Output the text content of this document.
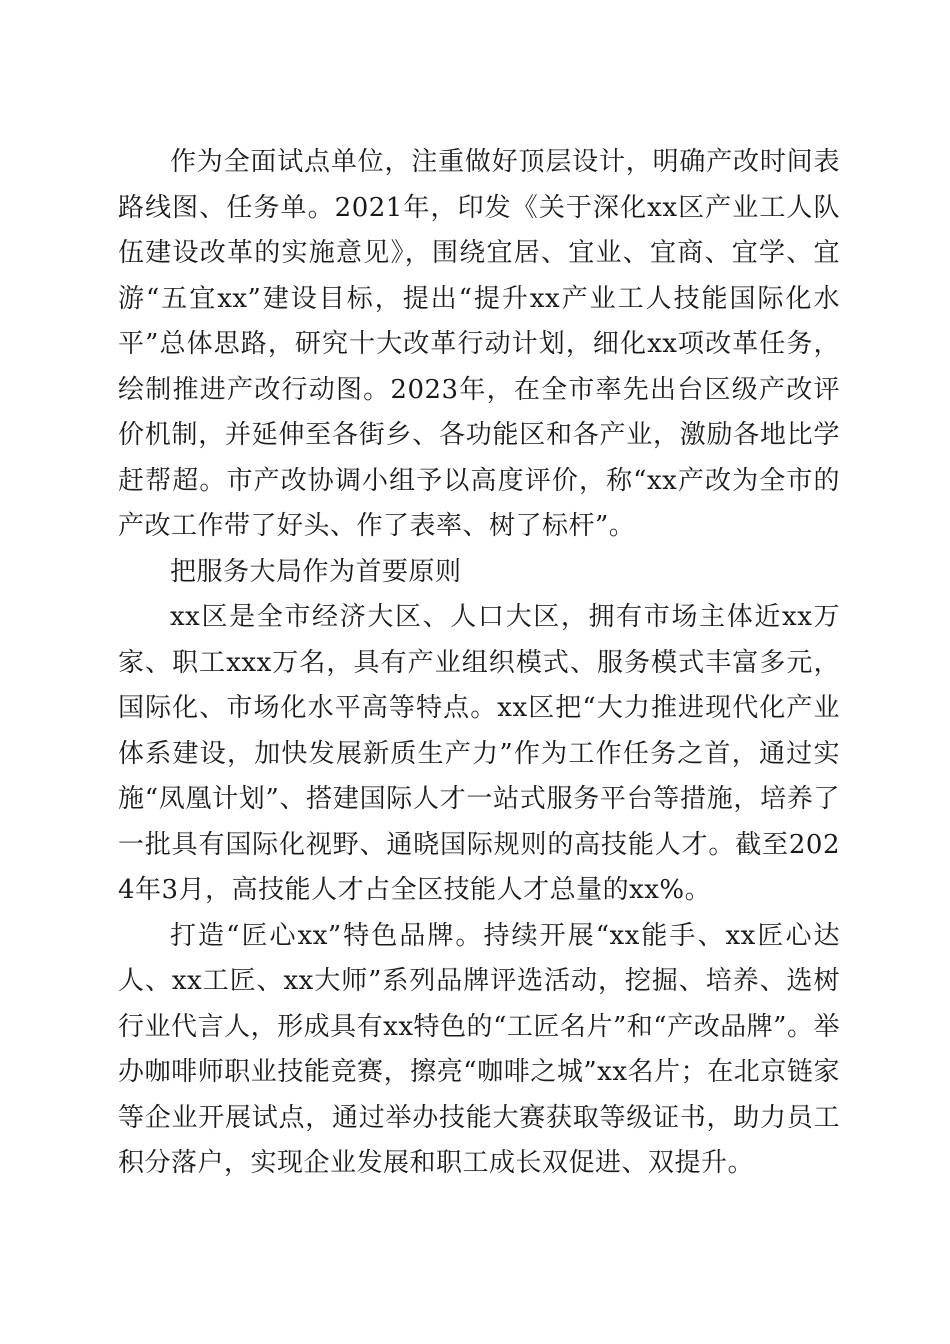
作为全面试点单位，注重做好顶层设计，明确产改时间表路线图、任务单。2021年，印发《关于深化xx区产业工人队伍建设改革的实施意见》，围绕宜居、宜业、宜商、宜学、宜游“五宜xx”建设目标，提出“提升xx产业工人技能国际化水平”总体思路，研究十大改革行动计划，细化xx项改革任务，绘制推进产改行动图。2023年，在全市率先出台区级产改评价机制，并延伸至各街乡、各功能区和各产业，激励各地比学赶帮超。市产改协调小组予以高度评价，称“xx产改为全市的产改工作带了好头、作了表率、树了标杆”。

把服务大局作为首要原则

xx区是全市经济大区、人口大区，拥有市场主体近xx万家、职工xxx万名，具有产业组织模式、服务模式丰富多元，国际化、市场化水平高等特点。xx区把“大力推进现代化产业体系建设，加快发展新质生产力”作为工作任务之首，通过实施“凤凰计划”、搭建国际人才一站式服务平台等措施，培养了一批具有国际化视野、通晓国际规则的高技能人才。截至2024年3月，高技能人才占全区技能人才总量的xx%。

打造“匠心xx”特色品牌。持续开展“xx能手、xx匠心达人、xx工匠、xx大师”系列品牌评选活动，挖掘、培养、选树行业代言人，形成具有xx特色的“工匠名片”和“产改品牌”。举办咖啡师职业技能竞赛，擦亮“咖啡之城”xx名片；在北京链家等企业开展试点，通过举办技能大赛获取等级证书，助力员工积分落户，实现企业发展和职工成长双促进、双提升。
